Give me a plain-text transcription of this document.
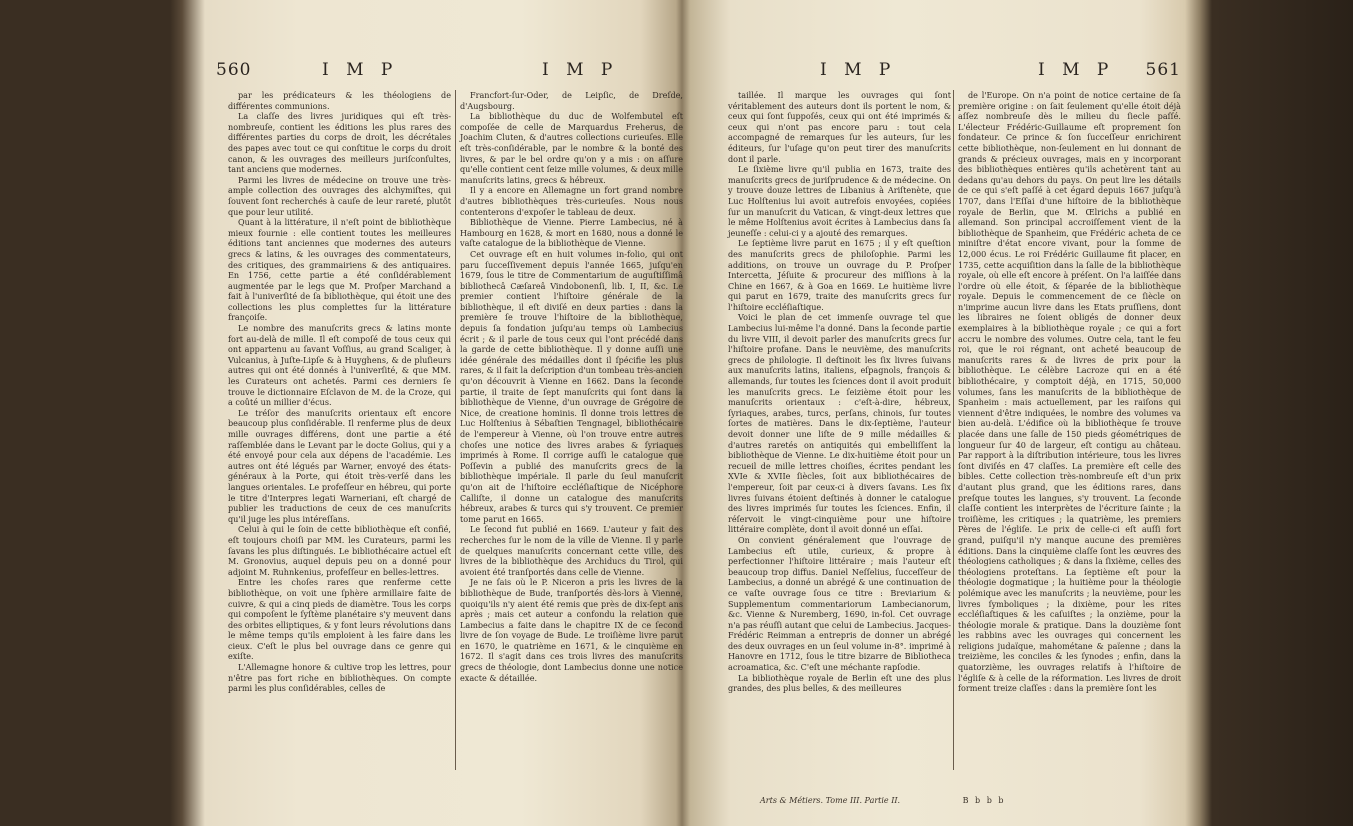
560	I M P	I M P

par les prédicateurs & les théologiens de différentes communions.

La claſſe des livres juridiques qui eſt très-nombreuſe, contient les éditions les plus rares des différentes parties du corps de droit, les décrétales des papes avec tout ce qui conſtitue le corps du droit canon, & les ouvrages des meilleurs juriſconſultes, tant anciens que modernes.

Parmi les livres de médecine on trouve une très-ample collection des ouvrages des alchymiſtes, qui ſouvent ſont recherchés à cauſe de leur rareté, plutôt que pour leur utilité.

Quant à la littérature, il n'eſt point de bibliothèque mieux fournie : elle contient toutes les meilleures éditions tant anciennes que modernes des auteurs grecs & latins, & les ouvrages des commentateurs, des critiques, des grammairiens & des antiquaires. En 1756, cette partie a été conſidérablement augmentée par le legs que M. Proſper Marchand a fait à l'univerſité de ſa bibliothèque, qui étoit une des collections les plus complettes ſur la littérature françoiſe.

Le nombre des manuſcrits grecs & latins monte fort au-delà de mille. Il eſt compoſé de tous ceux qui ont appartenu au ſavant Voſſius, au grand Scaliger, à Vulcanius, à Juſte-Lipſe & à Huyghens, & de pluſieurs autres qui ont été donnés à l'univerſité, & que MM. les Curateurs ont achetés. Parmi ces derniers ſe trouve le dictionnaire Eſclavon de M. de la Croze, qui a coûté un millier d'écus.

Le tréſor des manuſcrits orientaux eſt encore beaucoup plus conſidérable. Il renferme plus de deux mille ouvrages différens, dont une partie a été raſſemblée dans le Levant par le docte Golius, qui y a été envoyé pour cela aux dépens de l'académie. Les autres ont été légués par Warner, envoyé des états-généraux à la Porte, qui étoit très-verſé dans les langues orientales. Le profeſſeur en hébreu, qui porte le titre d'Interpres legati Warneriani, eſt chargé de publier les traductions de ceux de ces manuſcrits qu'il juge les plus intéreſſans.

Celui à qui le ſoin de cette bibliothèque eſt confié, eſt toujours choiſi par MM. les Curateurs, parmi les ſavans les plus diſtingués. Le bibliothécaire actuel eſt M. Gronovius, auquel depuis peu on a donné pour adjoint M. Ruhnkenius, profeſſeur en belles-lettres.

Entre les choſes rares que renferme cette bibliothèque, on voit une ſphère armillaire faite de cuivre, & qui a cinq pieds de diamètre. Tous les corps qui compoſent le ſyſtème planétaire s'y meuvent dans des orbites elliptiques, & y font leurs révolutions dans le même temps qu'ils emploient à les faire dans les cieux. C'eſt le plus bel ouvrage dans ce genre qui exiſte.

L'Allemagne honore & cultive trop les lettres, pour n'être pas fort riche en bibliothèques. On compte parmi les plus conſidérables, celles de

Francfort-ſur-Oder, de Leipſic, de Dreſde, d'Augsbourg.

La bibliothèque du duc de Wolfembutel eſt compoſée de celle de Marquardus Freherus, de Joachim Cluten, & d'autres collections curieuſes. Elle eſt très-conſidérable, par le nombre & la bonté des livres, & par le bel ordre qu'on y a mis : on aſſure qu'elle contient cent ſeize mille volumes, & deux mille manuſcrits latins, grecs & hébreux.

Il y a encore en Allemagne un fort grand nombre d'autres bibliothèques très-curieuſes. Nous nous contenterons d'expoſer le tableau de deux.

Bibliothèque de Vienne. Pierre Lambecius, né à Hambourg en 1628, & mort en 1680, nous a donné le vaſte catalogue de la bibliothèque de Vienne.

Cet ouvrage eſt en huit volumes in-folio, qui ont paru ſucceſſivement depuis l'année 1665, juſqu'en 1679, ſous le titre de Commentarium de auguſtiſſimâ bibliothecâ Cæſareâ Vindobonenſi, lib. I, II, &c. Le premier contient l'hiſtoire générale de la bibliothèque, il eſt diviſé en deux parties : dans la première ſe trouve l'hiſtoire de la bibliothèque, depuis ſa fondation juſqu'au temps où Lambecius écrit ; & il parle de tous ceux qui l'ont précédé dans la garde de cette bibliothèque. Il y donne auſſi une idée générale des médailles dont il ſpécifie les plus rares, & il fait la deſcription d'un tombeau très-ancien qu'on découvrit à Vienne en 1662. Dans la ſeconde partie, il traite de ſept manuſcrits qui ſont dans la bibliothèque de Vienne, d'un ouvrage de Grégoire de Nice, de creatione hominis. Il donne trois lettres de Luc Holſtenius à Sébaſtien Tengnagel, bibliothécaire de l'empereur à Vienne, où l'on trouve entre autres choſes une notice des livres arabes & ſyriaques imprimés à Rome. Il corrige auſſi le catalogue que Poſſevin a publié des manuſcrits grecs de la bibliothèque impériale. Il parle du ſeul manuſcrit qu'on ait de l'hiſtoire eccléſiaſtique de Nicéphore Calliſte, il donne un catalogue des manuſcrits hébreux, arabes & turcs qui s'y trouvent. Ce premier tome parut en 1665.

Le ſecond fut publié en 1669. L'auteur y fait des recherches ſur le nom de la ville de Vienne. Il y parle de quelques manuſcrits concernant cette ville, des livres de la bibliothèque des Archiducs du Tirol, qui avoient été tranſportés dans celle de Vienne.

Je ne ſais où le P. Niceron a pris les livres de la bibliothèque de Bude, tranſportés dès-lors à Vienne, quoiqu'ils n'y aient été remis que près de dix-ſept ans après ; mais cet auteur a confondu la relation que Lambecius a faite dans le chapitre IX de ce ſecond livre de ſon voyage de Bude. Le troiſième livre parut en 1670, le quatrième en 1671, & le cinquième en 1672. Il s'agit dans ces trois livres des manuſcrits grecs de théologie, dont Lambecius donne une notice exacte & détaillée.

I M P	I M P 561

taillée. Il marque les ouvrages qui ſont véritablement des auteurs dont ils portent le nom, & ceux qui ſont ſuppoſés, ceux qui ont été imprimés & ceux qui n'ont pas encore paru : tout cela accompagné de remarques ſur les auteurs, ſur les éditeurs, ſur l'uſage qu'on peut tirer des manuſcrits dont il parle.

Le ſixième livre qu'il publia en 1673, traite des manuſcrits grecs de juriſprudence & de médecine. On y trouve douze lettres de Libanius à Ariſtenète, que Luc Holſtenius lui avoit autrefois envoyées, copiées ſur un manuſcrit du Vatican, & vingt-deux lettres que le même Holſtenius avoit écrites à Lambecius dans ſa jeuneſſe : celui-ci y a ajouté des remarques.

Le ſeptième livre parut en 1675 ; il y eſt queſtion des manuſcrits grecs de philoſophie. Parmi les additions, on trouve un ouvrage du P. Proſper Intercetta, Jéſuite & procureur des miſſions à la Chine en 1667, & à Goa en 1669. Le huitième livre qui parut en 1679, traite des manuſcrits grecs ſur l'hiſtoire eccléſiaſtique.

Voici le plan de cet immenſe ouvrage tel que Lambecius lui-même l'a donné. Dans la ſeconde partie du livre VIII, il devoit parler des manuſcrits grecs ſur l'hiſtoire profane. Dans le neuvième, des manuſcrits grecs de philologie. Il deſtinoit les ſix livres ſuivans aux manuſcrits latins, italiens, eſpagnols, françois & allemands, ſur toutes les ſciences dont il avoit produit les manuſcrits grecs. Le ſeizième étoit pour les manuſcrits orientaux : c'eſt-à-dire, hébreux, ſyriaques, arabes, turcs, perſans, chinois, ſur toutes ſortes de matières. Dans le dix-ſeptième, l'auteur devoit donner une liſte de 9 mille médailles & d'autres raretés on antiquités qui embelliſſent la bibliothèque de Vienne. Le dix-huitième étoit pour un recueil de mille lettres choiſies, écrites pendant les XVIe & XVIIe ſiècles, ſoit aux bibliothécaires de l'empereur, ſoit par ceux-ci à divers ſavans. Les ſix livres ſuivans étoient deſtinés à donner le catalogue des livres imprimés ſur toutes les ſciences. Enfin, il réſervoit le vingt-cinquième pour une hiſtoire littéraire complète, dont il avoit donné un eſſai.

On convient généralement que l'ouvrage de Lambecius eſt utile, curieux, & propre à perfectionner l'hiſtoire littéraire ; mais l'auteur eſt beaucoup trop diffus. Daniel Neſſelius, ſucceſſeur de Lambecius, a donné un abrégé & une continuation de ce vaſte ouvrage ſous ce titre : Breviarium & Supplementum commentariorum Lambecianorum, &c. Vienne & Nuremberg, 1690, in-fol. Cet ouvrage n'a pas réuſſi autant que celui de Lambecius. Jacques-Frédéric Reimman a entrepris de donner un abrégé des deux ouvrages en un ſeul volume in-8°. imprimé à Hanovre en 1712, ſous le titre bizarre de Bibliotheca acroamatica, &c. C'eſt une méchante rapſodie.

La bibliothèque royale de Berlin eſt une des plus grandes, des plus belles, & des meilleures

de l'Europe. On n'a point de notice certaine de ſa première origine : on ſait ſeulement qu'elle étoit déjà aſſez nombreuſe dès le milieu du ſiecle paſſé. L'électeur Frédéric-Guillaume eſt proprement ſon fondateur. Ce prince & ſon ſucceſſeur enrichirent cette bibliothèque, non-ſeulement en lui donnant de grands & précieux ouvrages, mais en y incorporant des bibliothèques entières qu'ils achetèrent tant au dedans qu'au dehors du pays. On peut lire les détails de ce qui s'eſt paſſé à cet égard depuis 1667 juſqu'à 1707, dans l'Eſſai d'une hiſtoire de la bibliothèque royale de Berlin, que M. Œlrichs a publié en allemand. Son principal accroiſſement vient de la bibliothèque de Spanheim, que Frédéric acheta de ce miniſtre d'état encore vivant, pour la ſomme de 12,000 écus. Le roi Frédéric Guillaume fit placer, en 1735, cette acquiſition dans la ſalle de la bibliothèque royale, où elle eſt encore à préſent. On l'a laiſſée dans l'ordre où elle étoit, & ſéparée de la bibliothèque royale. Depuis le commencement de ce ſiècle on n'imprime aucun livre dans les Etats pruſſiens, dont les libraires ne ſoient obligés de donner deux exemplaires à la bibliothèque royale ; ce qui a fort accru le nombre des volumes. Outre cela, tant le feu roi, que le roi régnant, ont acheté beaucoup de manuſcrits rares & de livres de prix pour la bibliothèque. Le célèbre Lacroze qui en a été bibliothécaire, y comptoit déjà, en 1715, 50,000 volumes, ſans les manuſcrits de la bibliothèque de Spanheim : mais actuellement, par les raiſons qui viennent d'être indiquées, le nombre des volumes va bien au-delà. L'édifice où la bibliothèque ſe trouve placée dans une ſalle de 150 pieds géométriques de longueur ſur 40 de largeur, eſt contigu au château. Par rapport à la diſtribution intérieure, tous les livres ſont diviſés en 47 claſſes. La première eſt celle des bibles. Cette collection très-nombreuſe eſt d'un prix d'autant plus grand, que les éditions rares, dans preſque toutes les langues, s'y trouvent. La ſeconde claſſe contient les interprètes de l'écriture ſainte ; la troiſième, les critiques ; la quatrième, les premiers Pères de l'égliſe. Le prix de celle-ci eſt auſſi fort grand, puiſqu'il n'y manque aucune des premières éditions. Dans la cinquième claſſe ſont les œuvres des théologiens catholiques ; & dans la ſixième, celles des théologiens proteſtans. La ſeptième eſt pour la théologie dogmatique ; la huitième pour la théologie polémique avec les manuſcrits ; la neuvième, pour les livres ſymboliques ; la dixième, pour les rites eccléſiaſtiques & les caſuiſtes ; la onzième, pour la théologie morale & pratique. Dans la douzième ſont les rabbins avec les ouvrages qui concernent les religions judaïque, mahométane & païenne ; dans la treizième, les conciles & les ſynodes ; enfin, dans la quatorzième, les ouvrages relatifs à l'hiſtoire de l'égliſe & à celle de la réformation. Les livres de droit forment treize claſſes : dans la première ſont les

Arts & Métiers. Tome III. Partie II.	B b b b
